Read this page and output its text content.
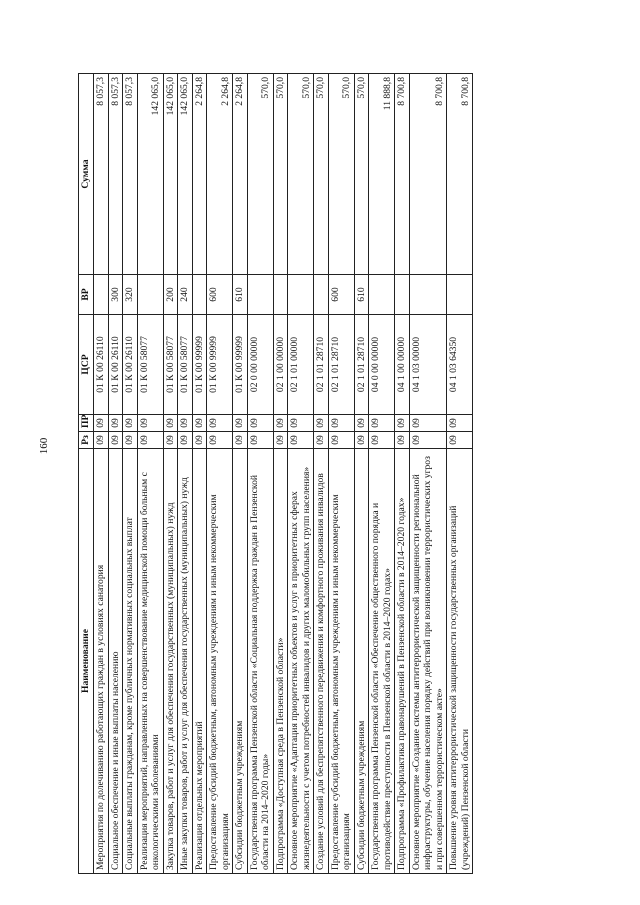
160
Наименование	Рз	ПР	ЦСР	ВР	Сумма
Мероприятия по долечиванию работающих граждан в условиях санатория	09	09	01 К 00 26110		8 057,3
Социальное обеспечение и иные выплаты населению	09	09	01 К 00 26110	300	8 057,3
Социальные выплаты гражданам, кроме публичных нормативных социальных выплат	09	09	01 К 00 26110	320	8 057,3
Реализация мероприятий, направленных на совершенствование медицинской помощи больным с онкологическими заболеваниями	09	09	01 К 00 58077		142 065,0
Закупка товаров, работ и услуг для обеспечения государственных (муниципальных) нужд	09	09	01 К 00 58077	200	142 065,0
Иные закупки товаров, работ и услуг для обеспечения государственных (муниципальных) нужд	09	09	01 К 00 58077	240	142 065,0
Реализация отдельных мероприятий	09	09	01 К 00 99999		2 264,8
Предоставление субсидий бюджетным, автономным учреждениям и иным некоммерческим организациям	09	09	01 К 00 99999	600	2 264,8
Субсидии бюджетным учреждениям	09	09	01 К 00 99999	610	2 264,8
Государственная программа Пензенской области «Социальная поддержка граждан в Пензенской области на 2014–2020 годы»	09	09	02 0 00 00000		570,0
Подпрограмма «Доступная среда в Пензенской области»	09	09	02 1 00 00000		570,0
Основное мероприятие «Адаптация приоритетных объектов и услуг в приоритетных сферах жизнедеятельности с учетом потребностей инвалидов и других маломобильных групп населения»	09	09	02 1 01 00000		570,0
Создание условий для беспрепятственного передвижения и комфортного проживания инвалидов	09	09	02 1 01 28710		570,0
Предоставление субсидий бюджетным, автономным учреждениям и иным некоммерческим организациям	09	09	02 1 01 28710	600	570,0
Субсидии бюджетным учреждениям	09	09	02 1 01 28710	610	570,0
Государственная программа Пензенской области «Обеспечение общественного порядка и противодействие преступности в Пензенской области в 2014–2020 годах»	09	09	04 0 00 00000		11 888,8
Подпрограмма «Профилактика правонарушений в Пензенской области в 2014–2020 годах»	09	09	04 1 00 00000		8 700,8
Основное мероприятие «Создание системы антитеррористической защищенности региональной инфраструктуры, обучение населения порядку действий при возникновении террористических угроз и при совершенном террористическом акте»	09	09	04 1 03 00000		8 700,8
Повышение уровня антитеррористической защищенности государственных организаций (учреждений) Пензенской области	09	09	04 1 03 64350		8 700,8
